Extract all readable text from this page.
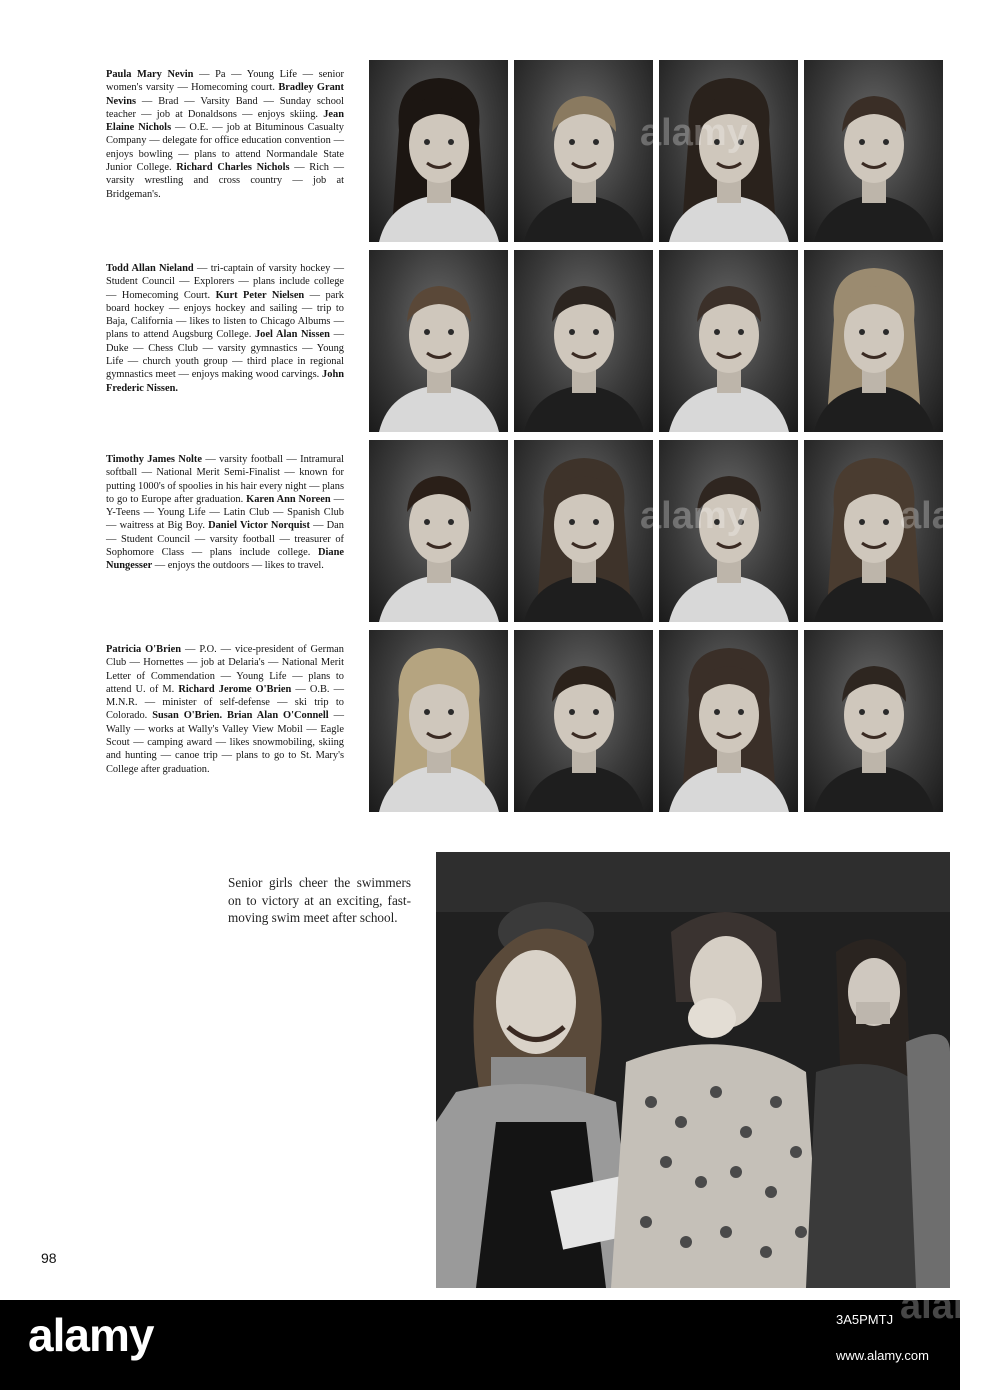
Paula Mary Nevin — Pa — Young Life — senior women's varsity — Homecoming court. Bradley Grant Nevins — Brad — Varsity Band — Sunday school teacher — job at Donaldsons — enjoys skiing. Jean Elaine Nichols — O.E. — job at Bituminous Casualty Company — delegate for office education convention — enjoys bowling — plans to attend Normandale State Junior College. Richard Charles Nichols — Rich — varsity wrestling and cross country — job at Bridgeman's.
Todd Allan Nieland — tri-captain of varsity hockey — Student Council — Explorers — plans include college — Homecoming Court. Kurt Peter Nielsen — park board hockey — enjoys hockey and sailing — trip to Baja, California — likes to listen to Chicago Albums — plans to attend Augsburg College. Joel Alan Nissen — Duke — Chess Club — varsity gymnastics — Young Life — church youth group — third place in regional gymnastics meet — enjoys making wood carvings. John Frederic Nissen.
Timothy James Nolte — varsity football — Intramural softball — National Merit Semi-Finalist — known for putting 1000's of spoolies in his hair every night — plans to go to Europe after graduation. Karen Ann Noreen — Y-Teens — Young Life — Latin Club — Spanish Club — waitress at Big Boy. Daniel Victor Norquist — Dan — Student Council — varsity football — treasurer of Sophomore Class — plans include college. Diane Nungesser — enjoys the outdoors — likes to travel.
Patricia O'Brien — P.O. — vice-president of German Club — Hornettes — job at Delaria's — National Merit Letter of Commendation — Young Life — plans to attend U. of M. Richard Jerome O'Brien — O.B. — M.N.R. — minister of self-defense — ski trip to Colorado. Susan O'Brien. Brian Alan O'Connell — Wally — works at Wally's Valley View Mobil — Eagle Scout — camping award — likes snowmobiling, skiing and hunting — canoe trip — plans to go to St. Mary's College after graduation.
Senior girls cheer the swimmers on to victory at an exciting, fast-moving swim meet after school.
98
alamy	3A5PMTJ
www.alamy.com
alamy	alamy
alamy
alamy
